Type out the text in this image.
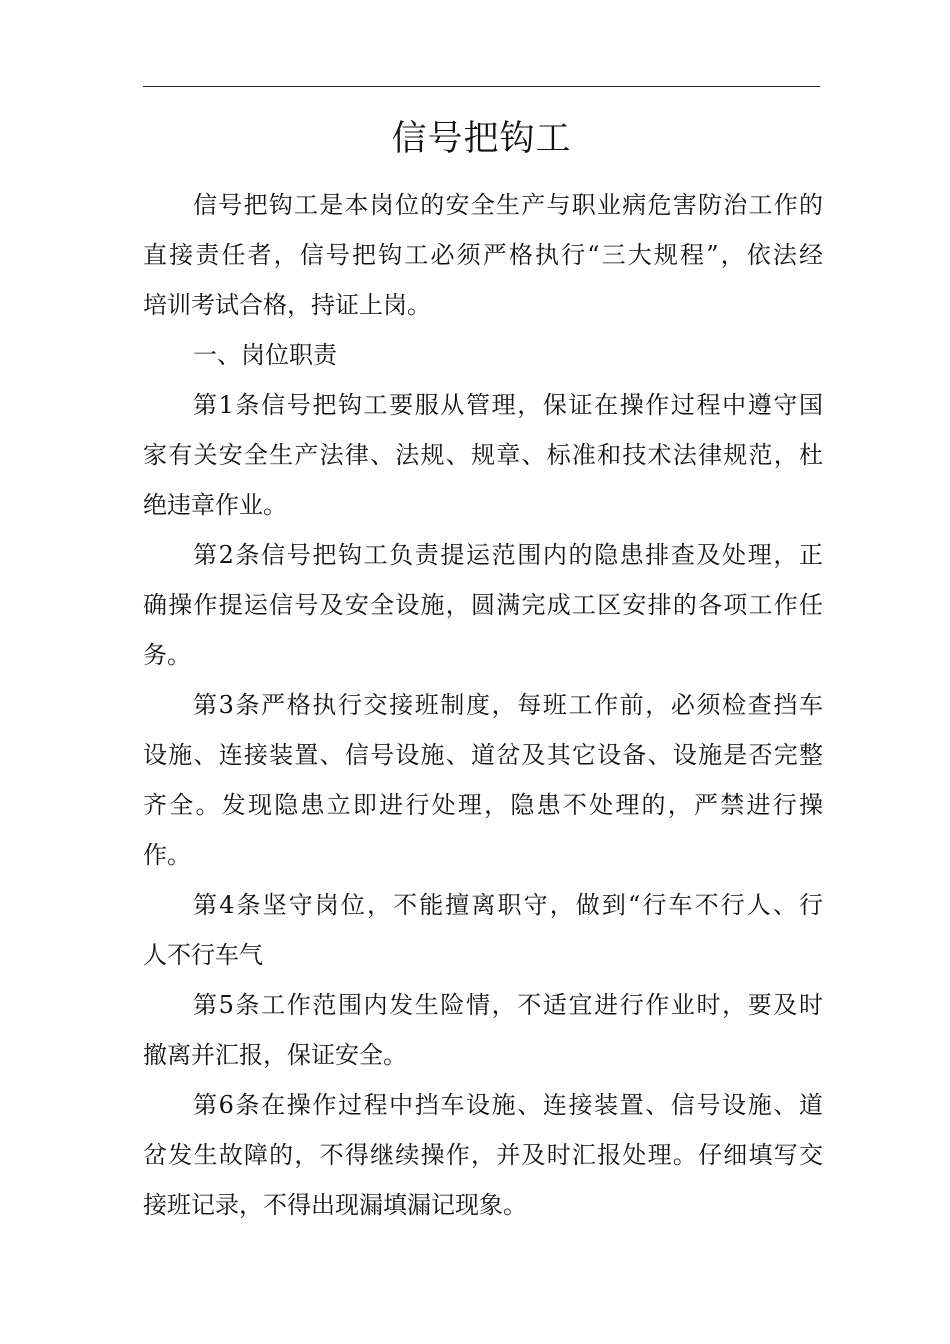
信号把钩工
信号把钩工是本岗位的安全生产与职业病危害防治工作的
直接责任者，信号把钩工必须严格执行“三大规程”，依法经
培训考试合格，持证上岗。
一、岗位职责
第1条信号把钩工要服从管理，保证在操作过程中遵守国
家有关安全生产法律、法规、规章、标准和技术法律规范，杜
绝违章作业。
第2条信号把钩工负责提运范围内的隐患排查及处理，正
确操作提运信号及安全设施，圆满完成工区安排的各项工作任
务。
第3条严格执行交接班制度，每班工作前，必须检查挡车
设施、连接装置、信号设施、道岔及其它设备、设施是否完整
齐全。发现隐患立即进行处理，隐患不处理的，严禁进行操
作。
第4条坚守岗位，不能擅离职守，做到“行车不行人、行
人不行车气
第5条工作范围内发生险情，不适宜进行作业时，要及时
撤离并汇报，保证安全。
第6条在操作过程中挡车设施、连接装置、信号设施、道
岔发生故障的，不得继续操作，并及时汇报处理。仔细填写交
接班记录，不得出现漏填漏记现象。
